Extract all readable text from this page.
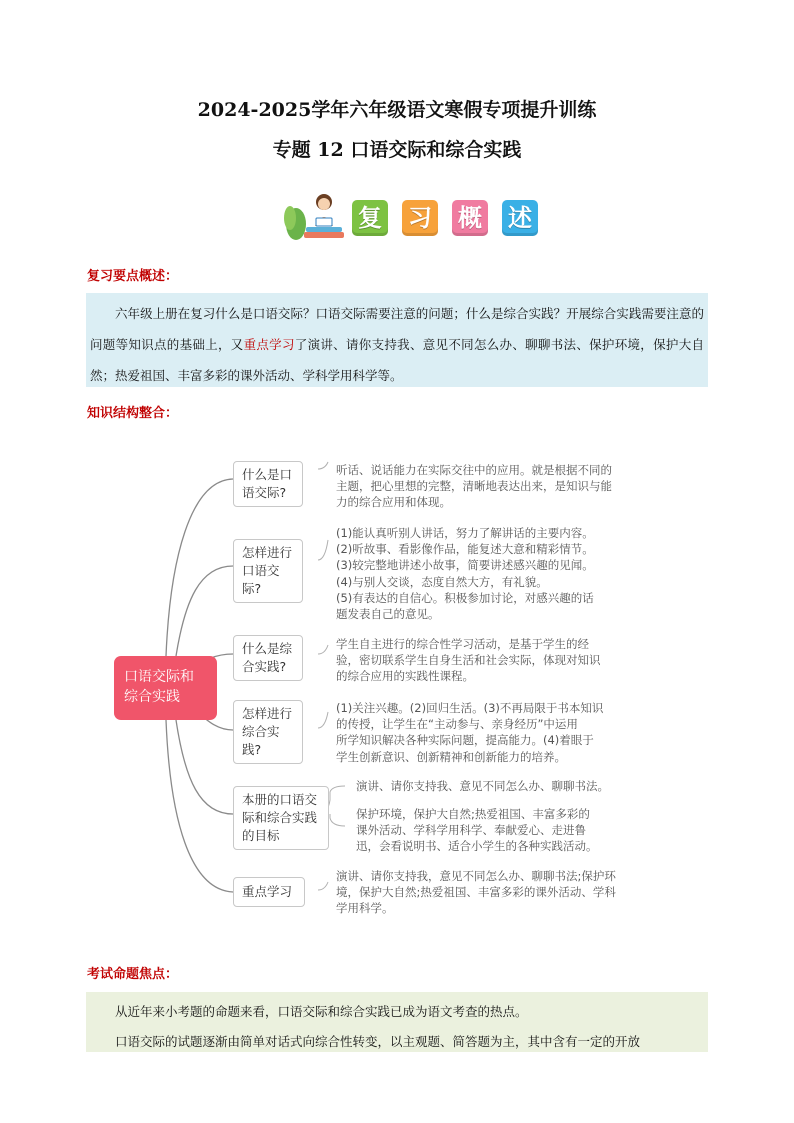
2024-2025学年六年级语文寒假专项提升训练
专题 12 口语交际和综合实践
复 习 概 述
复习要点概述：

六年级上册在复习什么是口语交际？口语交际需要注意的问题；什么是综合实践？开展综合实践需要注意的问题等知识点的基础上，又重点学习了演讲、请你支持我、意见不同怎么办、聊聊书法、保护环境，保护大自然；热爱祖国、丰富多彩的课外活动、学科学用科学等。

知识结构整合：
口语交际和
综合实践
什么是口
语交际?
听话、说话能力在实际交往中的应用。就是根据不同的
主题，把心里想的完整，清晰地表达出来，是知识与能
力的综合应用和体现。
怎样进行
口语交
际?
(1)能认真听别人讲话，努力了解讲话的主要内容。
(2)听故事、看影像作品，能复述大意和精彩情节。
(3)较完整地讲述小故事，简要讲述感兴趣的见闻。
(4)与别人交谈，态度自然大方，有礼貌。
(5)有表达的自信心。积极参加讨论，对感兴趣的话
题发表自己的意见。
什么是综
合实践?
学生自主进行的综合性学习活动，是基于学生的经
验，密切联系学生自身生活和社会实际，体现对知识
的综合应用的实践性课程。
怎样进行
综合实
践?
(1)关注兴趣。(2)回归生活。(3)不再局限于书本知识
的传授，让学生在“主动参与、亲身经历”中运用
所学知识解决各种实际问题，提高能力。(4)着眼于
学生创新意识、创新精神和创新能力的培养。
本册的口语交
际和综合实践
的目标
演讲、请你支持我、意见不同怎么办、聊聊书法。
保护环境，保护大自然;热爱祖国、丰富多彩的
课外活动、学科学用科学、奉献爱心、走进鲁
迅，会看说明书、适合小学生的各种实践活动。
重点学习
演讲、请你支持我，意见不同怎么办、聊聊书法;保护环
境，保护大自然;热爱祖国、丰富多彩的课外活动、学科
学用科学。
考试命题焦点：

从近年来小考题的命题来看，口语交际和综合实践已成为语文考查的热点。

口语交际的试题逐渐由简单对话式向综合性转变，以主观题、简答题为主，其中含有一定的开放
